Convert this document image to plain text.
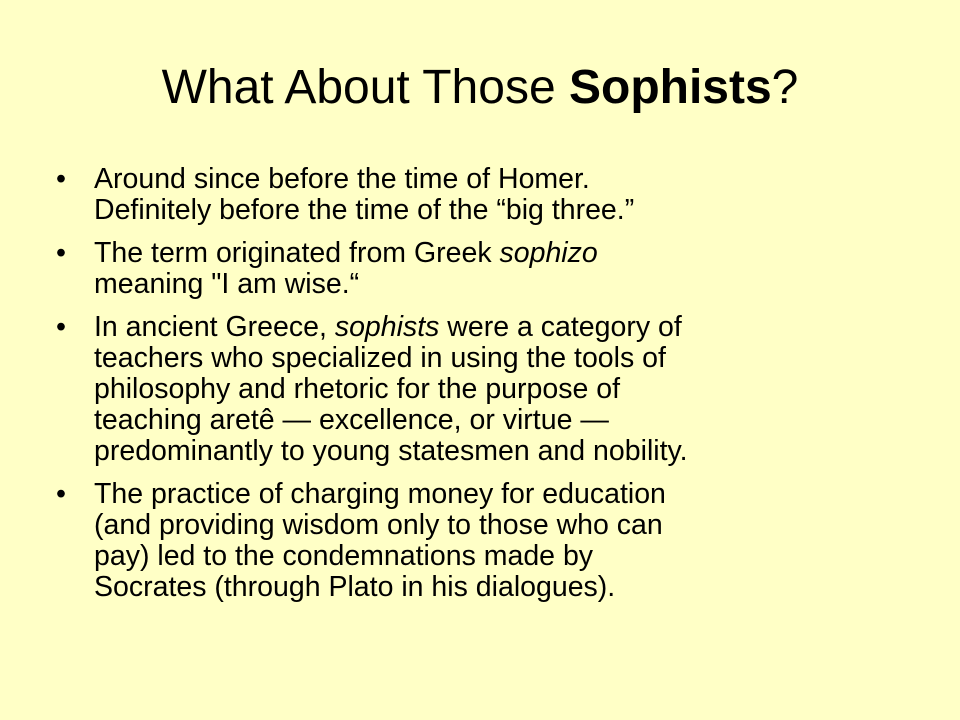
What About Those Sophists?
• Around since before the time of Homer.
Definitely before the time of the “big three.”
• The term originated from Greek sophizo
meaning "I am wise.“
• In ancient Greece, sophists were a category of
teachers who specialized in using the tools of
philosophy and rhetoric for the purpose of
teaching aretê — excellence, or virtue —
predominantly to young statesmen and nobility.
• The practice of charging money for education
(and providing wisdom only to those who can
pay) led to the condemnations made by
Socrates (through Plato in his dialogues).
